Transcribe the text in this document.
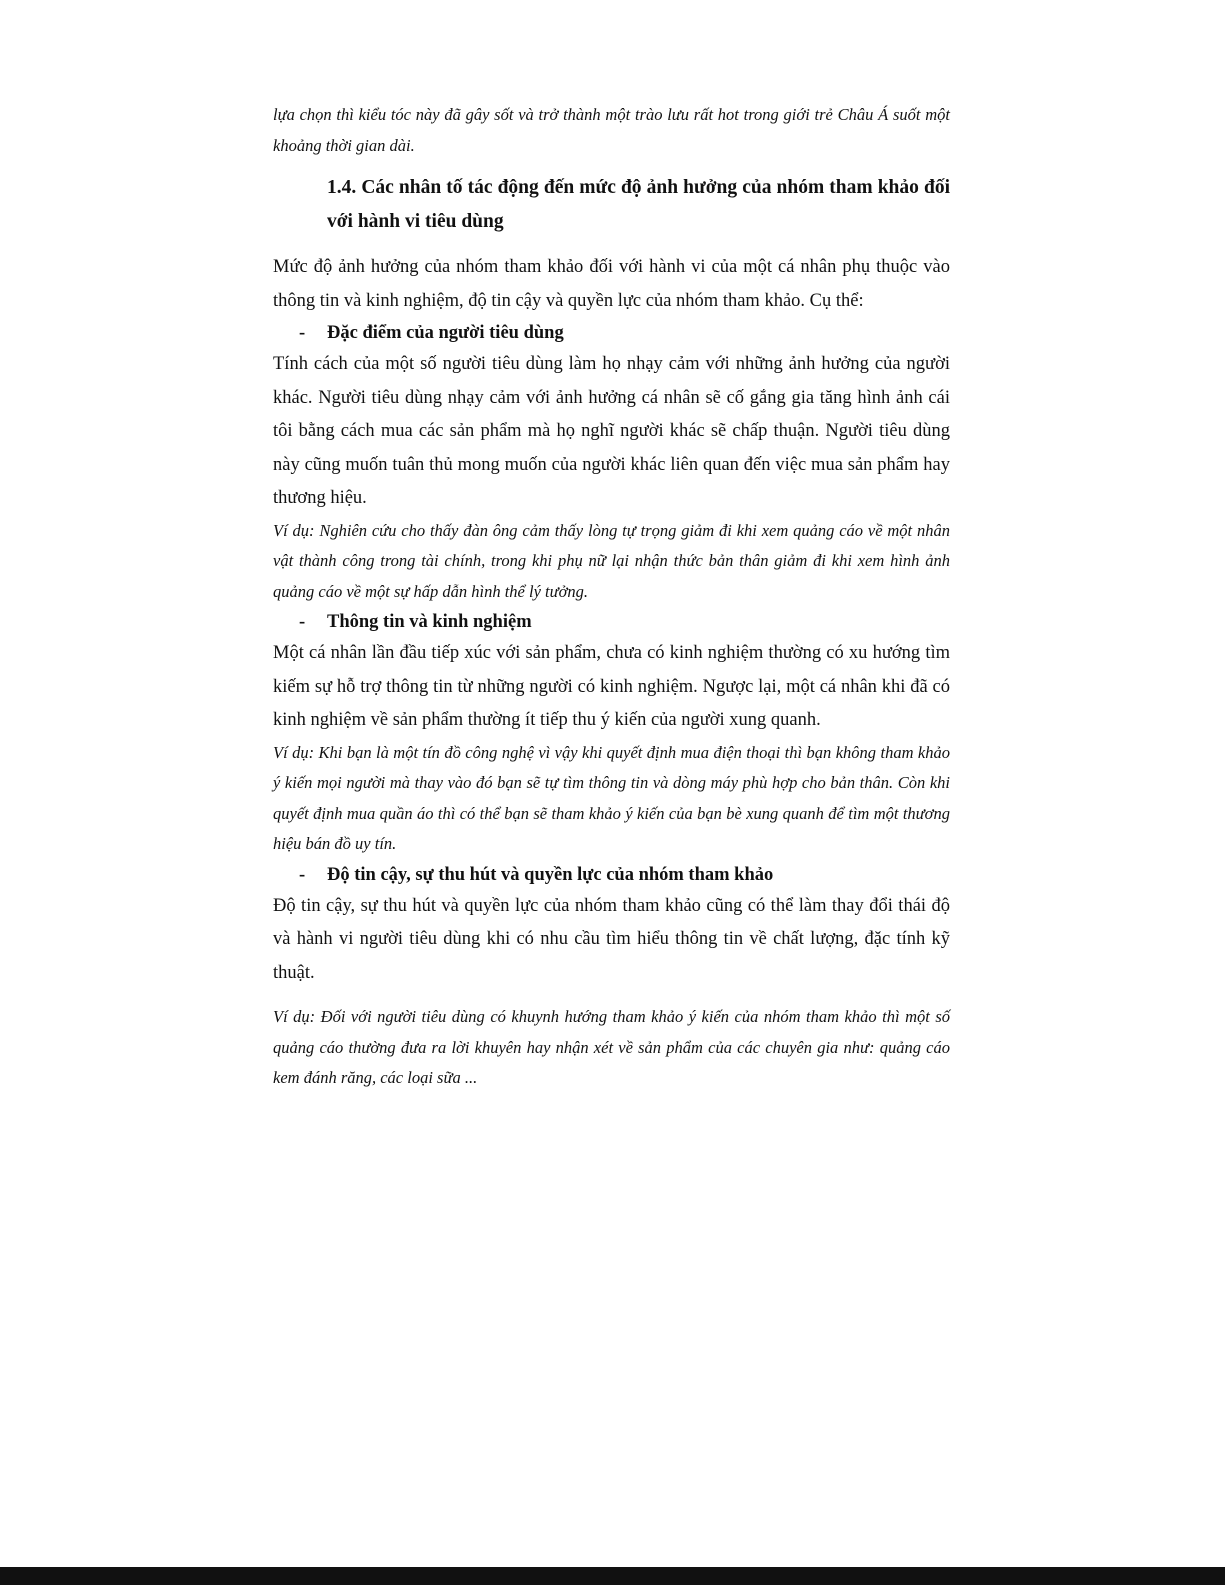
lựa chọn thì kiểu tóc này đã gây sốt và trở thành một trào lưu rất hot trong giới trẻ Châu Á suốt một khoảng thời gian dài.

1.4. Các nhân tố tác động đến mức độ ảnh hưởng của nhóm tham khảo đối với hành vi tiêu dùng

Mức độ ảnh hưởng của nhóm tham khảo đối với hành vi của một cá nhân phụ thuộc vào thông tin và kinh nghiệm, độ tin cậy và quyền lực của nhóm tham khảo. Cụ thể:

-	Đặc điểm của người tiêu dùng

Tính cách của một số người tiêu dùng làm họ nhạy cảm với những ảnh hưởng của người khác. Người tiêu dùng nhạy cảm với ảnh hưởng cá nhân sẽ cố gắng gia tăng hình ảnh cái tôi bằng cách mua các sản phẩm mà họ nghĩ người khác sẽ chấp thuận. Người tiêu dùng này cũng muốn tuân thủ mong muốn của người khác liên quan đến việc mua sản phẩm hay thương hiệu.

Ví dụ: Nghiên cứu cho thấy đàn ông cảm thấy lòng tự trọng giảm đi khi xem quảng cáo về một nhân vật thành công trong tài chính, trong khi phụ nữ lại nhận thức bản thân giảm đi khi xem hình ảnh quảng cáo về một sự hấp dẫn hình thể lý tưởng.

-	Thông tin và kinh nghiệm

Một cá nhân lần đầu tiếp xúc với sản phẩm, chưa có kinh nghiệm thường có xu hướng tìm kiếm sự hỗ trợ thông tin từ những người có kinh nghiệm. Ngược lại, một cá nhân khi đã có kinh nghiệm về sản phẩm thường ít tiếp thu ý kiến của người xung quanh.

Ví dụ: Khi bạn là một tín đồ công nghệ vì vậy khi quyết định mua điện thoại thì bạn không tham khảo ý kiến mọi người mà thay vào đó bạn sẽ tự tìm thông tin và dòng máy phù hợp cho bản thân. Còn khi quyết định mua quần áo thì có thể bạn sẽ tham khảo ý kiến của bạn bè xung quanh để tìm một thương hiệu bán đồ uy tín.

-	Độ tin cậy, sự thu hút và quyền lực của nhóm tham khảo

Độ tin cậy, sự thu hút và quyền lực của nhóm tham khảo cũng có thể làm thay đổi thái độ và hành vi người tiêu dùng khi có nhu cầu tìm hiểu thông tin về chất lượng, đặc tính kỹ thuật.

Ví dụ: Đối với người tiêu dùng có khuynh hướng tham khảo ý kiến của nhóm tham khảo thì một số quảng cáo thường đưa ra lời khuyên hay nhận xét về sản phẩm của các chuyên gia như: quảng cáo kem đánh răng, các loại sữa ...
